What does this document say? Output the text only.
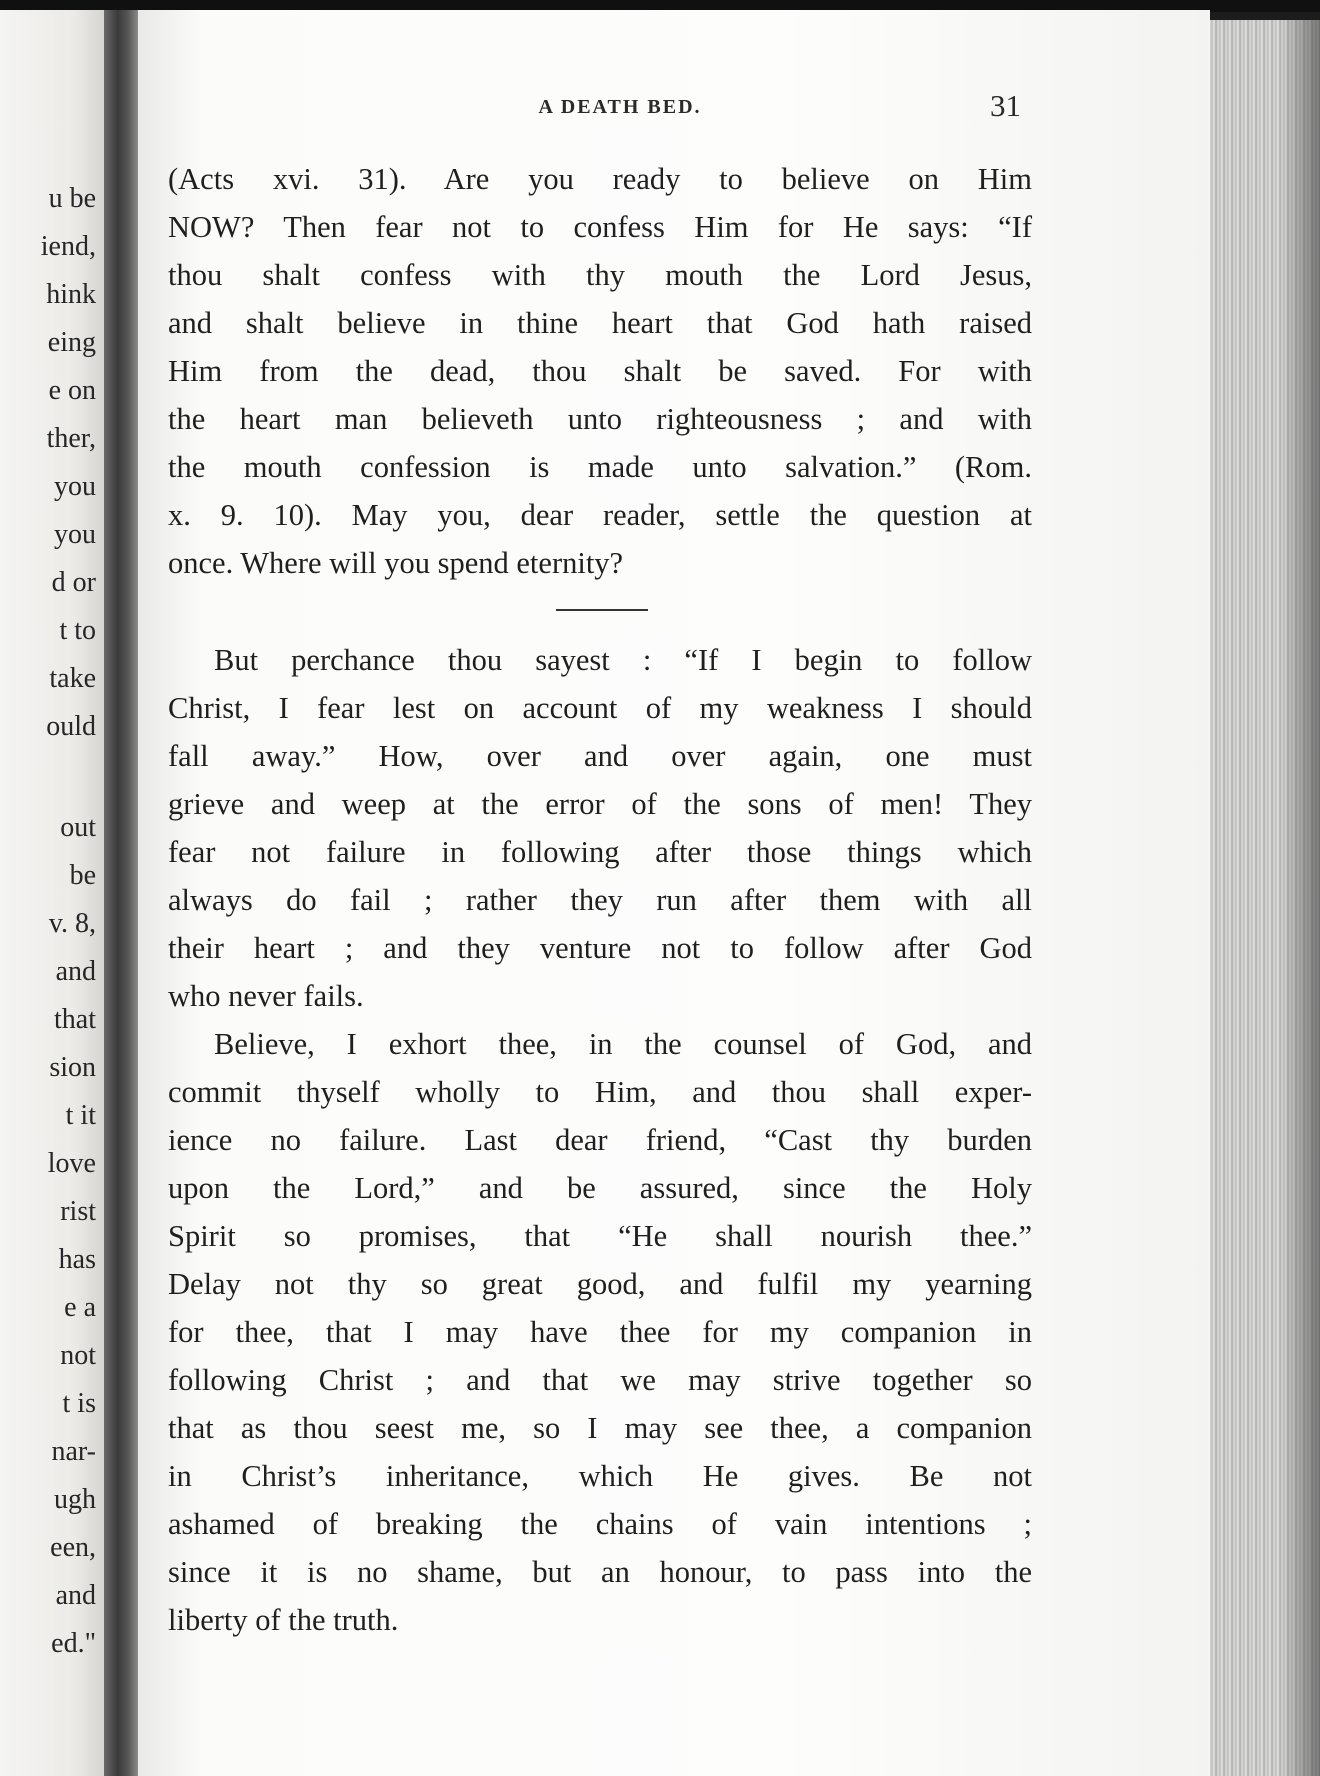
u be
iend,
hink
eing
e on
ther,
you
you
d or
t to
take
ould
out
be
v. 8,
and
that
sion
t it
love
rist
has
e a
not
t is
nar-
ugh
een,
and
ed."
A DEATH BED.	31
(Acts xvi. 31). Are you ready to believe on Him
NOW? Then fear not to confess Him for He says: “If
thou shalt confess with thy mouth the Lord Jesus,
and shalt believe in thine heart that God hath raised
Him from the dead, thou shalt be saved. For with
the heart man believeth unto righteousness ; and with
the mouth confession is made unto salvation.” (Rom.
x. 9. 10). May you, dear reader, settle the question at
once. Where will you spend eternity?
But perchance thou sayest : “If I begin to follow
Christ, I fear lest on account of my weakness I should
fall away.” How, over and over again, one must
grieve and weep at the error of the sons of men! They
fear not failure in following after those things which
always do fail ; rather they run after them with all
their heart ; and they venture not to follow after God
who never fails.
Believe, I exhort thee, in the counsel of God, and
commit thyself wholly to Him, and thou shall exper-
ience no failure. Last dear friend, “Cast thy burden
upon the Lord,” and be assured, since the Holy
Spirit so promises, that “He shall nourish thee.”
Delay not thy so great good, and fulfil my yearning
for thee, that I may have thee for my companion in
following Christ ; and that we may strive together so
that as thou seest me, so I may see thee, a companion
in Christ’s inheritance, which He gives. Be not
ashamed of breaking the chains of vain intentions ;
since it is no shame, but an honour, to pass into the
liberty of the truth.
